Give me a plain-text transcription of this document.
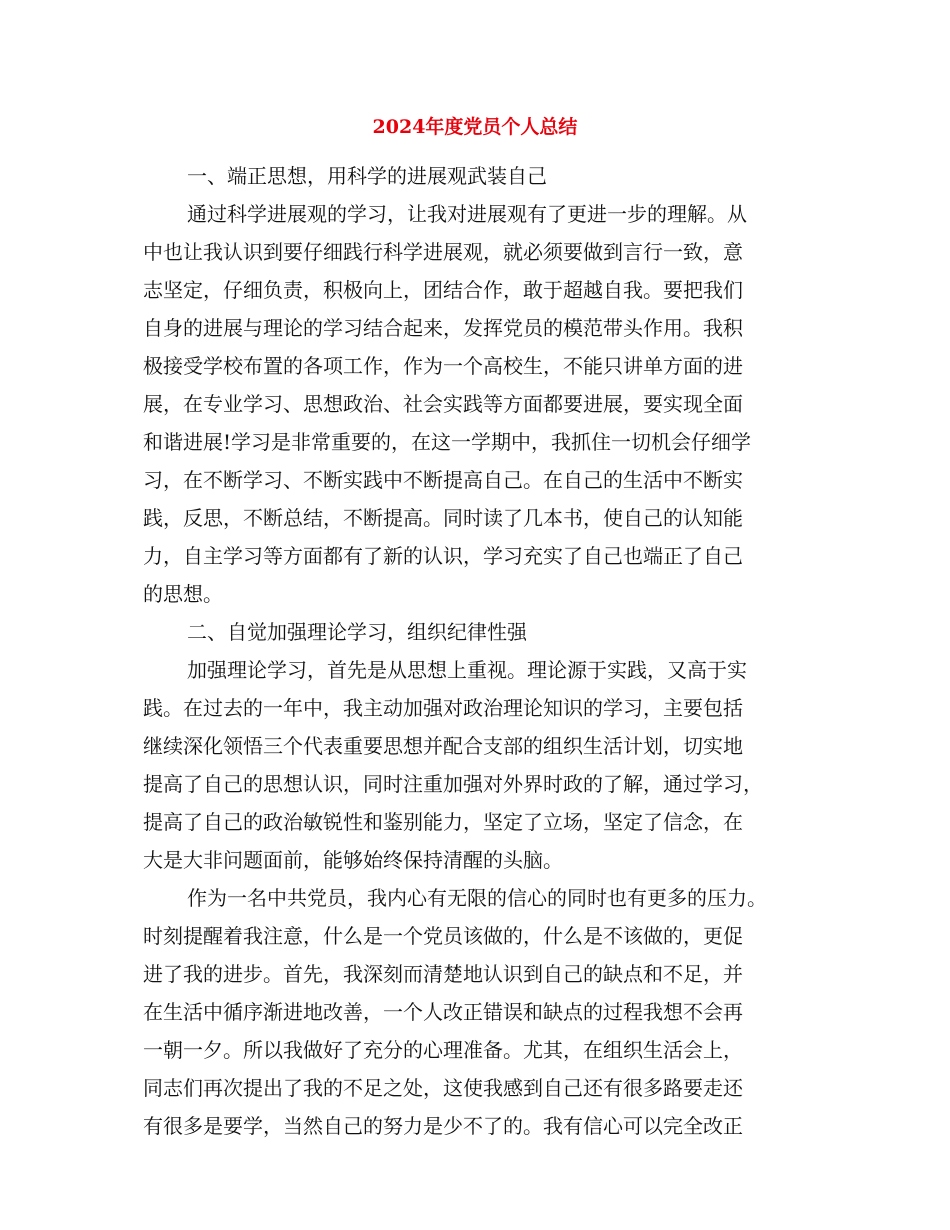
2024年度党员个人总结

一、端正思想，用科学的进展观武装自己

通过科学进展观的学习，让我对进展观有了更进一步的理解。从

中也让我认识到要仔细践行科学进展观，就必须要做到言行一致，意

志坚定，仔细负责，积极向上，团结合作，敢于超越自我。要把我们

自身的进展与理论的学习结合起来，发挥党员的模范带头作用。我积

极接受学校布置的各项工作，作为一个高校生，不能只讲单方面的进

展，在专业学习、思想政治、社会实践等方面都要进展，要实现全面

和谐进展!学习是非常重要的，在这一学期中，我抓住一切机会仔细学

习，在不断学习、不断实践中不断提高自己。在自己的生活中不断实

践，反思，不断总结，不断提高。同时读了几本书，使自己的认知能

力，自主学习等方面都有了新的认识，学习充实了自己也端正了自己

的思想。

二、自觉加强理论学习，组织纪律性强

加强理论学习，首先是从思想上重视。理论源于实践，又高于实

践。在过去的一年中，我主动加强对政治理论知识的学习，主要包括

继续深化领悟三个代表重要思想并配合支部的组织生活计划，切实地

提高了自己的思想认识，同时注重加强对外界时政的了解，通过学习，

提高了自己的政治敏锐性和鉴别能力，坚定了立场，坚定了信念，在

大是大非问题面前，能够始终保持清醒的头脑。

作为一名中共党员，我内心有无限的信心的同时也有更多的压力。

时刻提醒着我注意，什么是一个党员该做的，什么是不该做的，更促

进了我的进步。首先，我深刻而清楚地认识到自己的缺点和不足，并

在生活中循序渐进地改善，一个人改正错误和缺点的过程我想不会再

一朝一夕。所以我做好了充分的心理准备。尤其，在组织生活会上，

同志们再次提出了我的不足之处，这使我感到自己还有很多路要走还

有很多是要学，当然自己的努力是少不了的。我有信心可以完全改正
